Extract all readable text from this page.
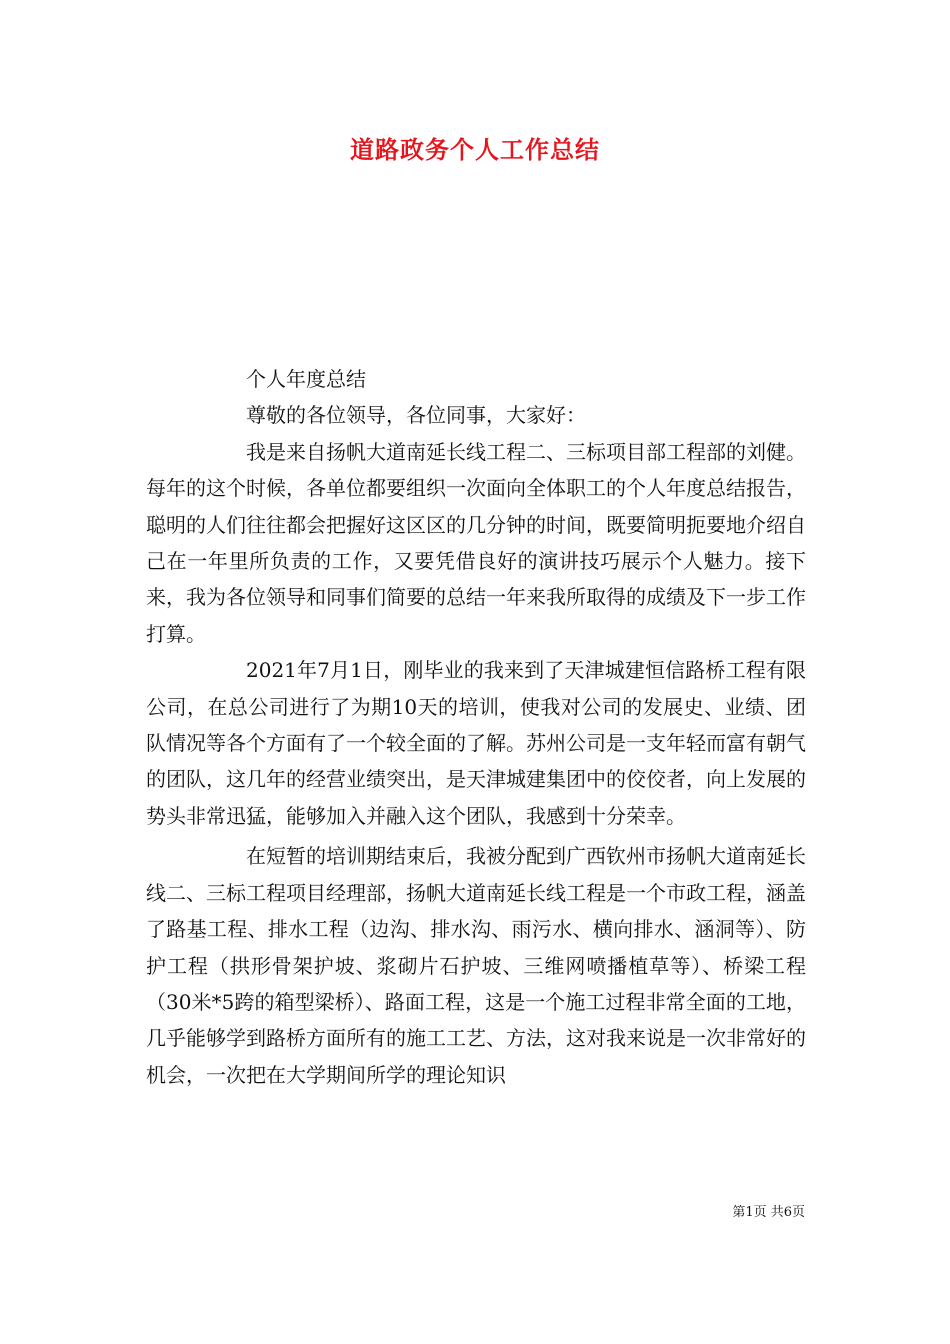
道路政务个人工作总结

个人年度总结

尊敬的各位领导，各位同事，大家好：

我是来自扬帆大道南延长线工程二、三标项目部工程部的刘健。每年的这个时候，各单位都要组织一次面向全体职工的个人年度总结报告，聪明的人们往往都会把握好这区区的几分钟的时间，既要简明扼要地介绍自己在一年里所负责的工作，又要凭借良好的演讲技巧展示个人魅力。接下来，我为各位领导和同事们简要的总结一年来我所取得的成绩及下一步工作打算。

2021年7月1日，刚毕业的我来到了天津城建恒信路桥工程有限公司，在总公司进行了为期10天的培训，使我对公司的发展史、业绩、团队情况等各个方面有了一个较全面的了解。苏州公司是一支年轻而富有朝气的团队，这几年的经营业绩突出，是天津城建集团中的佼佼者，向上发展的势头非常迅猛，能够加入并融入这个团队，我感到十分荣幸。

在短暂的培训期结束后，我被分配到广西钦州市扬帆大道南延长线二、三标工程项目经理部，扬帆大道南延长线工程是一个市政工程，涵盖了路基工程、排水工程（边沟、排水沟、雨污水、横向排水、涵洞等）、防护工程（拱形骨架护坡、浆砌片石护坡、三维网喷播植草等）、桥梁工程（30米*5跨的箱型梁桥）、路面工程，这是一个施工过程非常全面的工地，几乎能够学到路桥方面所有的施工工艺、方法，这对我来说是一次非常好的机会，一次把在大学期间所学的理论知识

第1页 共6页
